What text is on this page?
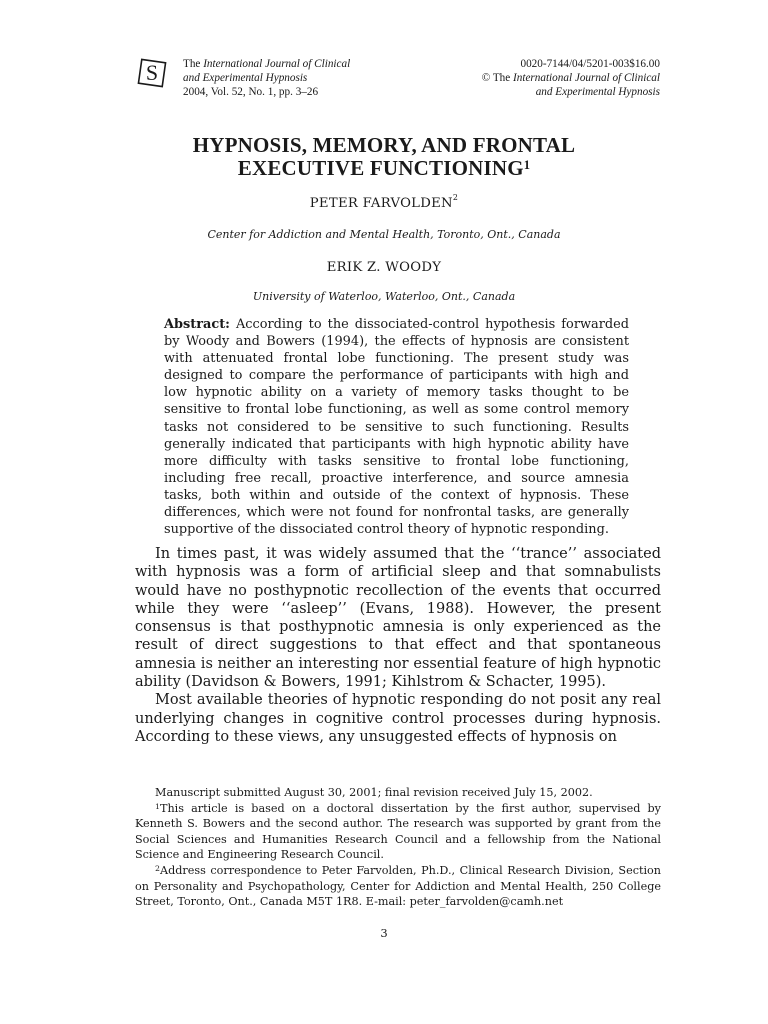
S The International Journal of Clinical
and Experimental Hypnosis
2004, Vol. 52, No. 1, pp. 3–26
0020-7144/04/5201-003$16.00
© The International Journal of Clinical
and Experimental Hypnosis
HYPNOSIS, MEMORY, AND FRONTAL
EXECUTIVE FUNCTIONING$^1$
PETER FARVOLDEN$^2$
Center for Addiction and Mental Health, Toronto, Ont., Canada
ERIK Z. WOODY
University of Waterloo, Waterloo, Ont., Canada
Abstract: According to the dissociated-control hypothesis forwarded by Woody and Bowers (1994), the effects of hypnosis are consistent with attenuated frontal lobe functioning. The present study was designed to compare the performance of participants with high and low hypnotic ability on a variety of memory tasks thought to be sensitive to frontal lobe functioning, as well as some control memory tasks not considered to be sensitive to such functioning. Results generally indicated that participants with high hypnotic ability have more difficulty with tasks sensitive to frontal lobe functioning, including free recall, proactive interference, and source amnesia tasks, both within and outside of the context of hypnosis. These differences, which were not found for nonfrontal tasks, are generally supportive of the dissociated control theory of hypnotic responding.

In times past, it was widely assumed that the ‘‘trance’’ associated with hypnosis was a form of artificial sleep and that somnabulists would have no posthypnotic recollection of the events that occurred while they were ‘‘asleep’’ (Evans, 1988). However, the present consensus is that posthypnotic amnesia is only experienced as the result of direct suggestions to that effect and that spontaneous amnesia is neither an interesting nor essential feature of high hypnotic ability (Davidson & Bowers, 1991; Kihlstrom & Schacter, 1995).

Most available theories of hypnotic responding do not posit any real underlying changes in cognitive control processes during hypnosis. According to these views, any unsuggested effects of hypnosis on

Manuscript submitted August 30, 2001; final revision received July 15, 2002.

$^1$This article is based on a doctoral dissertation by the first author, supervised by Kenneth S. Bowers and the second author. The research was supported by grant from the Social Sciences and Humanities Research Council and a fellowship from the National Science and Engineering Research Council.

$^2$Address correspondence to Peter Farvolden, Ph.D., Clinical Research Division, Section on Personality and Psychopathology, Center for Addiction and Mental Health, 250 College Street, Toronto, Ont., Canada M5T 1R8. E-mail: peter_farvolden@camh.net

3
